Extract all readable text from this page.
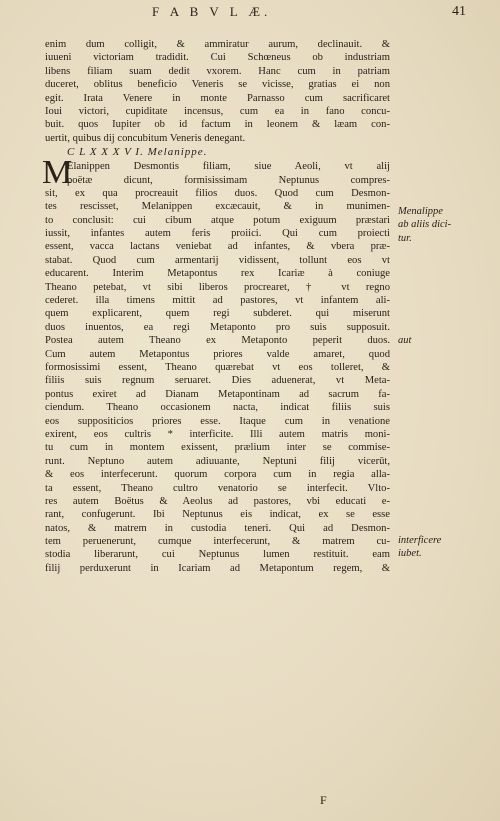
F A B V L Æ.	41
enim dum colligit, & ammiratur aurum, declinauit. &
iuueni victoriam tradidit. Cui Schœneus ob industriam
libens filiam suam dedit vxorem. Hanc cum in patriam
duceret, oblitus beneficio Veneris se vicisse, gratias ei non
egit. Irata Venere in monte Parnasso cum sacrificaret
Ioui victori, cupiditate incensus, cum ea in fano concu-
buit. quos Iupiter ob id factum in leonem & læam con-
uertit, quibus dij concubitum Veneris denegant.
C L X X X V I. Melanippe.
M
Elanippen Desmontis filiam, siue Aeoli, vt alij
poëtæ dicunt, formisissimam Neptunus compres-
sit, ex qua procreauit filios duos. Quod cum Desmon-
tes rescisset, Melanippen excæcauit, & in munimen-
to conclusit: cui cibum atque potum exiguum præstari
iussit, infantes autem feris proiici. Qui cum proiecti
essent, vacca lactans veniebat ad infantes, & vbera præ-
stabat. Quod cum armentarij vidissent, tollunt eos vt
educarent. Interim Metapontus rex Icariæ à coniuge
Theano petebat, vt sibi liberos procrearet, † vt regno
cederet. illa timens mittit ad pastores, vt infantem ali-
quem explicarent, quem regi subderet. qui miserunt
duos inuentos, ea regi Metaponto pro suis supposuit.
Postea autem Theano ex Metaponto peperit duos.
Cum autem Metapontus priores valde amaret, quod
formosissimi essent, Theano quærebat vt eos tolleret, &
filiis suis regnum seruaret. Dies aduenerat, vt Meta-
pontus exiret ad Dianam Metapontinam ad sacrum fa-
ciendum. Theano occasionem nacta, indicat filiis suis
eos suppositicios priores esse. Itaque cum in venatione
exirent, eos cultris * interficite. Illi autem matris moni-
tu cum in montem exissent, prælium inter se commise-
runt. Neptuno autem adiuuante, Neptuni filij vicerūt,
& eos interfecerunt. quorum corpora cum in regia alla-
ta essent, Theano cultro venatorio se interfecit. Vlto-
res autem Boëtus & Aeolus ad pastores, vbi educati e-
rant, confugerunt. Ibi Neptunus eis indicat, ex se esse
natos, & matrem in custodia teneri. Qui ad Desmon-
tem peruenerunt, cumque interfecerunt, & matrem cu-
stodia liberarunt, cui Neptunus lumen restituit. eam
filij perduxerunt in Icariam ad Metapontum regem, &
Menalippe
ab aliis dici-
tur.
aut
interficere
iubet.
F
